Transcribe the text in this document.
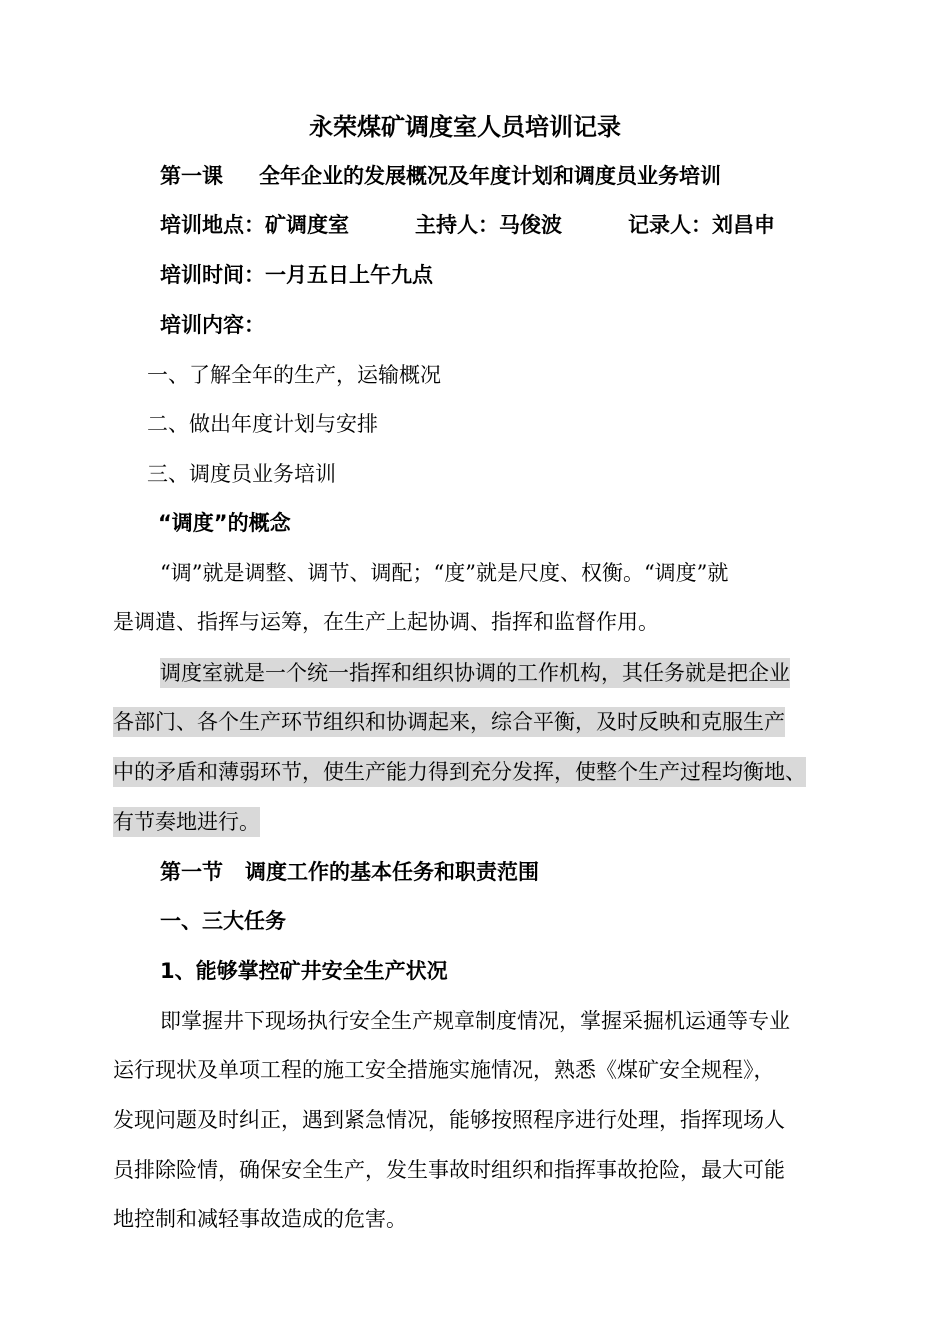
永荣煤矿调度室人员培训记录
第一课 全年企业的发展概况及年度计划和调度员业务培训
培训地点：矿调度室	主持人：马俊波	记录人：刘昌申
培训时间：一月五日上午九点
培训内容：
一、了解全年的生产，运输概况
二、做出年度计划与安排
三、调度员业务培训
“调度”的概念
“调”就是调整、调节、调配；“度”就是尺度、权衡。“调度”就
是调遣、指挥与运筹，在生产上起协调、指挥和监督作用。
调度室就是一个统一指挥和组织协调的工作机构，其任务就是把企业
各部门、各个生产环节组织和协调起来，综合平衡，及时反映和克服生产
中的矛盾和薄弱环节，使生产能力得到充分发挥，使整个生产过程均衡地、
有节奏地进行。
第一节 调度工作的基本任务和职责范围
一、三大任务
1、能够掌控矿井安全生产状况
即掌握井下现场执行安全生产规章制度情况，掌握采掘机运通等专业
运行现状及单项工程的施工安全措施实施情况，熟悉《煤矿安全规程》，
发现问题及时纠正，遇到紧急情况，能够按照程序进行处理，指挥现场人
员排除险情，确保安全生产，发生事故时组织和指挥事故抢险，最大可能
地控制和减轻事故造成的危害。
